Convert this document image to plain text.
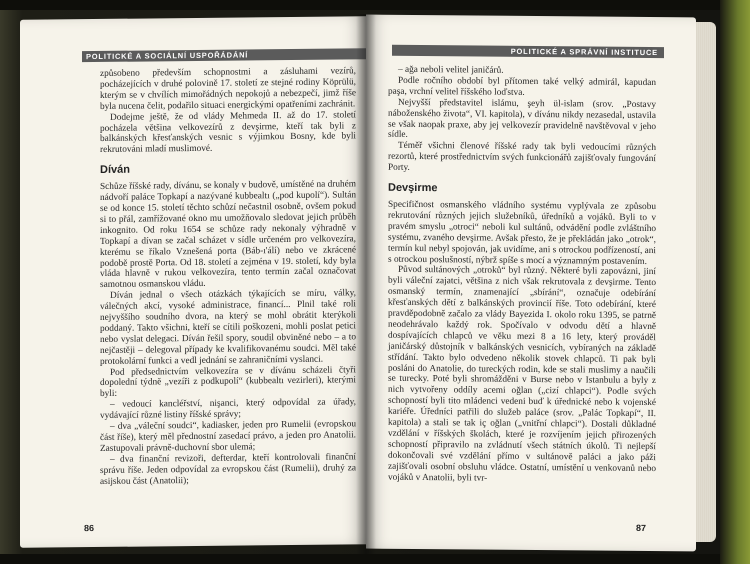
POLITICKÉ A SOCIÁLNÍ USPOŘÁDÁNÍ

způsobeno především schopnostmi a zásluhami vezírů, pocházejících v druhé polovině 17. století ze stejné rodiny Köprülü, kterým se v chvílích mimořádných nepokojů a nebezpečí, jimž říše byla nucena čelit, podařilo situaci energickými opatřeními zachránit.

Dodejme ještě, že od vlády Mehmeda II. až do 17. století pocházela většina velkovezírů z devşirme, kteří tak byli z balkánských křesťanských vesnic s výjimkou Bosny, kde byli rekrutováni mladí muslimové.

Díván

Schůze říšské rady, dívánu, se konaly v budově, umístěné na druhém nádvoří paláce Topkapí a nazývané kubbealtı („pod kupolí“). Sultán se od konce 15. století těchto schůzí nečastnil osobně, ovšem pokud si to přál, zamřížované okno mu umožňovalo sledovat jejich průběh inkognito. Od roku 1654 se schůze rady nekonaly výhradně v Topkapí a dívan se začal scházet v sídle určeném pro velkovezíra, kterému se říkalo Vznešená porta (Báb-ı'álí) nebo ve zkrácené podobě prostě Porta. Od 18. století a zejména v 19. století, kdy byla vláda hlavně v rukou velkovezíra, tento termín začal označovat samotnou osmanskou vládu.

Díván jednal o všech otázkách týkajících se míru, války, válečných akcí, vysoké administrace, financí... Plnil také roli nejvyššího soudního dvora, na který se mohl obrátit kterýkoli poddaný. Takto všichni, kteří se cítili poškozeni, mohli poslat petici nebo vyslat delegaci. Díván řešil spory, soudil obviněné nebo – a to nejčastěji – delegoval případy ke kvalifikovanému soudci. Měl také protokolární funkci a vedl jednání se zahraničními vyslanci.

Pod předsednictvím velkovezíra se v dívánu scházeli čtyři dopolední týdně „vezíři z podkupolí“ (kubbealtı vezirleri), kterými byli:

– vedoucí kancléřství, nişanci, který odpovídal za úřady, vydávající různé listiny říšské správy;

– dva „váleční soudci“, kadiasker, jeden pro Rumelii (evropskou část říše), který měl přednostní zasedací právo, a jeden pro Anatolii. Zastupovali právně-duchovní sbor ulemá;

– dva finanční revizoři, defterdar, kteří kontrolovali finanční správu říše. Jeden odpovídal za evropskou část (Rumelii), druhý za asijskou část (Anatolii);

86
POLITICKÉ A SPRÁVNÍ INSTITUCE

– ağa neboli velitel janičárů.

Podle ročního období byl přítomen také velký admirál, kapudan paşa, vrchní velitel říšského loďstva.

Nejvyšší představitel islámu, şeyh ül-islam (srov. „Postavy náboženského života“, VI. kapitola), v dívánu nikdy nezasedal, ustavila se však naopak praxe, aby jej velkovezír pravidelně navštěvoval v jeho sídle.

Téměř všichni členové říšské rady tak byli vedoucími různých rezortů, které prostřednictvím svých funkcionářů zajišťovaly fungování Porty.

Devşirme

Specifičnost osmanského vládního systému vyplývala ze způsobu rekrutování různých jejich služebníků, úředníků a vojáků. Byli to v pravém smyslu „otroci“ neboli kul sultánů, odvádění podle zvláštního systému, zvaného devşirme. Avšak přesto, že je překládán jako „otrok“, termín kul nebyl spojován, jak uvidíme, ani s otrockou podřízeností, ani s otrockou poslušností, nýbrž spíše s mocí a významným postavením.

Původ sultánových „otroků“ byl různý. Některé byli zapovázni, jiní byli váleční zajatci, většina z nich však rekrutovala z devşirme. Tento osmanský termín, znamenající „sbírání“, označuje odebírání křesťanských dětí z balkánských provincií říše. Toto odebírání, které pravděpodobně začalo za vlády Bayezida I. okolo roku 1395, se patrně neodehrávalo každý rok. Spočívalo v odvodu dětí a hlavně dospívajících chlapců ve věku mezi 8 a 16 lety, který prováděl janičárský důstojník v balkánských vesnicích, vybíraných na základě střídání. Takto bylo odvedeno několik stovek chlapců. Ti pak byli posláni do Anatolie, do tureckých rodin, kde se stali muslimy a naučili se turecky. Poté byli shromážděni v Burse nebo v Istanbulu a byly z nich vytvořeny oddíly acemi oğlan („cizí chlapci“). Podle svých schopností byli tito mládenci vedeni buď k úřednické nebo k vojenské kariéře. Úředníci patřili do služeb paláce (srov. „Palác Topkapí“, II. kapitola) a stali se tak iç oğlan („vnitřní chlapci“). Dostali důkladné vzdělání v říšských školách, které je rozvíjením jejich přirozených schopností připravilo na zvládnutí všech státních úkolů. Ti nejlepší dokončovali své vzdělání přímo v sultánově paláci a jako páži zajišťovali osobní obsluhu vládce. Ostatní, umístění u venkovanů nebo vojáků v Anatolii, byli tvr-

87
